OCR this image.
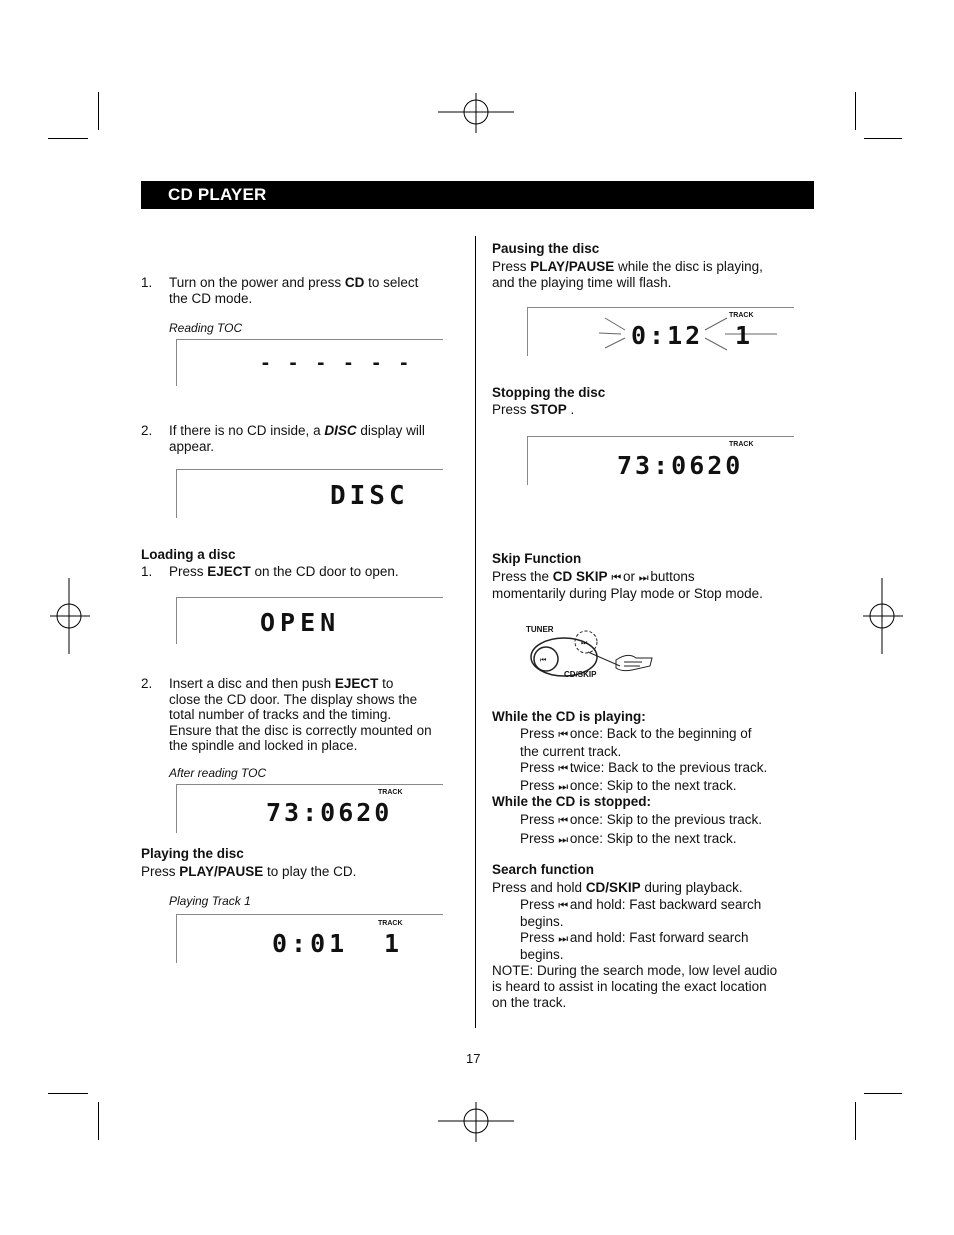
CD PLAYER
1. Turn on the power and press CD to select
the CD mode.
Reading TOC
- - - - - -
2. If there is no CD inside, a DISC display will
appear.
DISC
Loading a disc
1. Press EJECT on the CD door to open.
OPEN
2. Insert a disc and then push EJECT to
close the CD door. The display shows the
total number of tracks and the timing.
Ensure that the disc is correctly mounted on
the spindle and locked in place.
After reading TOC
TRACK
73:0620
Playing the disc
Press PLAY/PAUSE to play the CD.
Playing Track 1
TRACK
0:01 1
Pausing the disc
Press PLAY/PAUSE while the disc is playing,
and the playing time will flash.
TRACK
0:12 1
Stopping the disc
Press STOP .
TRACK
73:0620
Skip Function
Press the CD SKIP ⏮ or ⏭ buttons
momentarily during Play mode or Stop mode.
⏮
⏭
TUNER
CD/SKIP
While the CD is playing:
Press ⏮ once: Back to the beginning of
the current track.
Press ⏮ twice: Back to the previous track.
Press ⏭ once: Skip to the next track.
While the CD is stopped:
Press ⏮ once: Skip to the previous track.
Press ⏭ once: Skip to the next track.
Search function
Press and hold CD/SKIP during playback.
Press ⏮ and hold: Fast backward search
begins.
Press ⏭ and hold: Fast forward search
begins.
NOTE: During the search mode, low level audio
is heard to assist in locating the exact location
on the track.
17
